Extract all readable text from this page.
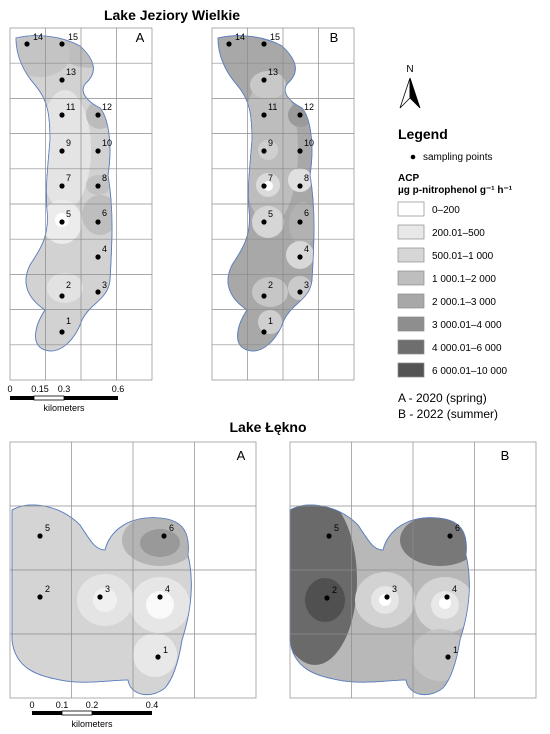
Lake Jeziory Wielkie
Lake Łękno
A
1
2	3
4
5	6
7	8
9	10
11	12
13
14	15	B
1
2	3
4
5	6
7	8
9	10
11	12
13
14	15
N
Legend
sampling points
ACP
µg p-nitrophenol g⁻¹ h⁻¹
0–200
200.01–500
500.01–1 000
1 000.1–2 000
2 000.1–3 000
3 000.01–4 000
4 000.01–6 000
6 000.01–10 000
0 0.15 0.3	0.6
kilometers
A - 2020 (spring)
B - 2022 (summer)
A
1
2	3	4
5	6
B
1
2	3	4
5	6
0 0.1 0.2	0.4
kilometers
